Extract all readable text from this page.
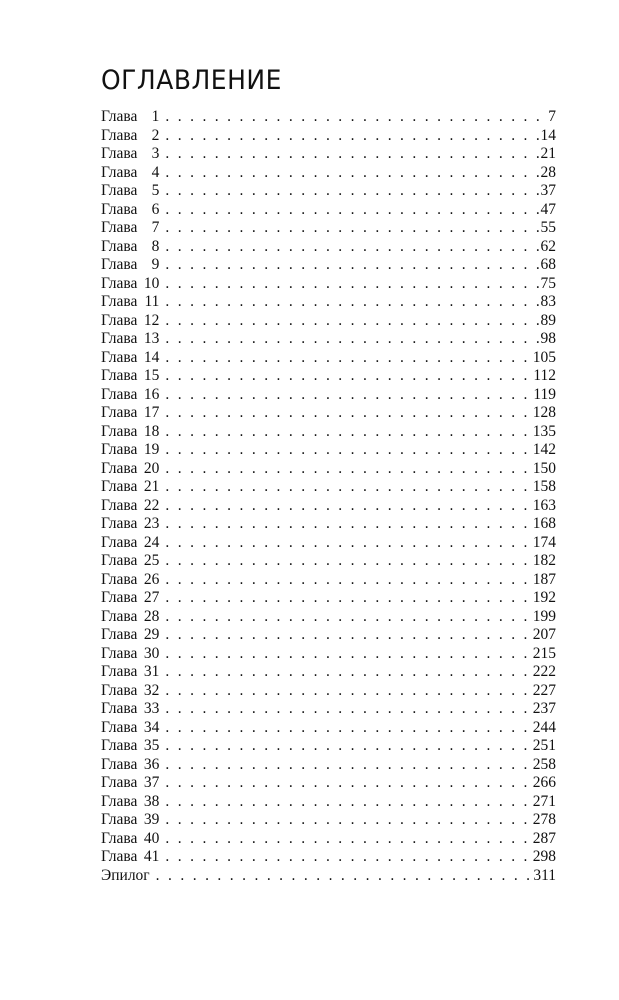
ОГЛАВЛЕНИЕ
Глава 1 . . .	7
Глава 2 . . .	14
Глава 3 . . .	21
Глава 4 . . .	28
Глава 5 . . .	37
Глава 6 . . .	47
Глава 7 . . .	55
Глава 8 . . .	62
Глава 9 . . .	68
Глава 10 . . .	75
Глава 11 . . .	83
Глава 12 . . .	89
Глава 13 . . .	98
Глава 14 . . .	105
Глава 15 . . .	112
Глава 16 . . .	119
Глава 17 . . .	128
Глава 18 . . .	135
Глава 19 . . .	142
Глава 20 . . .	150
Глава 21 . . .	158
Глава 22 . . .	163
Глава 23 . . .	168
Глава 24 . . .	174
Глава 25 . . .	182
Глава 26 . . .	187
Глава 27 . . .	192
Глава 28 . . .	199
Глава 29 . . .	207
Глава 30 . . .	215
Глава 31 . . .	222
Глава 32 . . .	227
Глава 33 . . .	237
Глава 34 . . .	244
Глава 35 . . .	251
Глава 36 . . .	258
Глава 37 . . .	266
Глава 38 . . .	271
Глава 39 . . .	278
Глава 40 . . .	287
Глава 41 . . .	298
Эпилог . . .	311
